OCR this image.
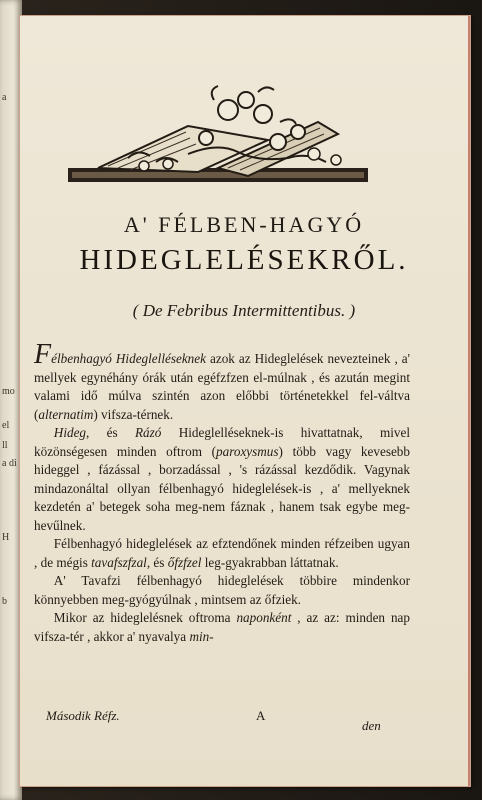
a
mo
el
ll
a di
H
b
A' FÉLBEN-HAGYÓ
HIDEGLELÉSEKRŐL.
( De Febribus Intermittentibus. )

Félbenhagyó Hideglelléseknek azok az Hideglelések nevezteinek , a' mellyek egynéhány órák után egéfzfzen el-múlnak , és azután megint valami idő múlva szintén azon előbbi történetekkel fel-váltva (alternatim) vifsza-térnek.

Hideg, és Rázó Hideglelléseknek-is hivattatnak, mivel közönségesen minden oftrom (paroxysmus) több vagy kevesebb hideggel , fázással , borzadással , 's rázással kezdődik. Vagynak mindazonáltal ollyan félbenhagyó hideglelések-is , a' mellyeknek kezdetén a' betegek soha meg-nem fáznak , hanem tsak egybe meg-hevűlnek.

Félbenhagyó hideglelések az efztendőnek minden réfzeiben ugyan , de mégis tavafszfzal, és őfzfzel leg-gyakrabban láttatnak.

A' Tavafzi félbenhagyó hideglelések többire mindenkor könnyebben meg-gyógyúlnak , mintsem az őfziek.

Mikor az hideglelésnek oftroma naponként , az az: minden nap vifsza-tér , akkor a' nyavalya min-

Második Réfz.	A
den
